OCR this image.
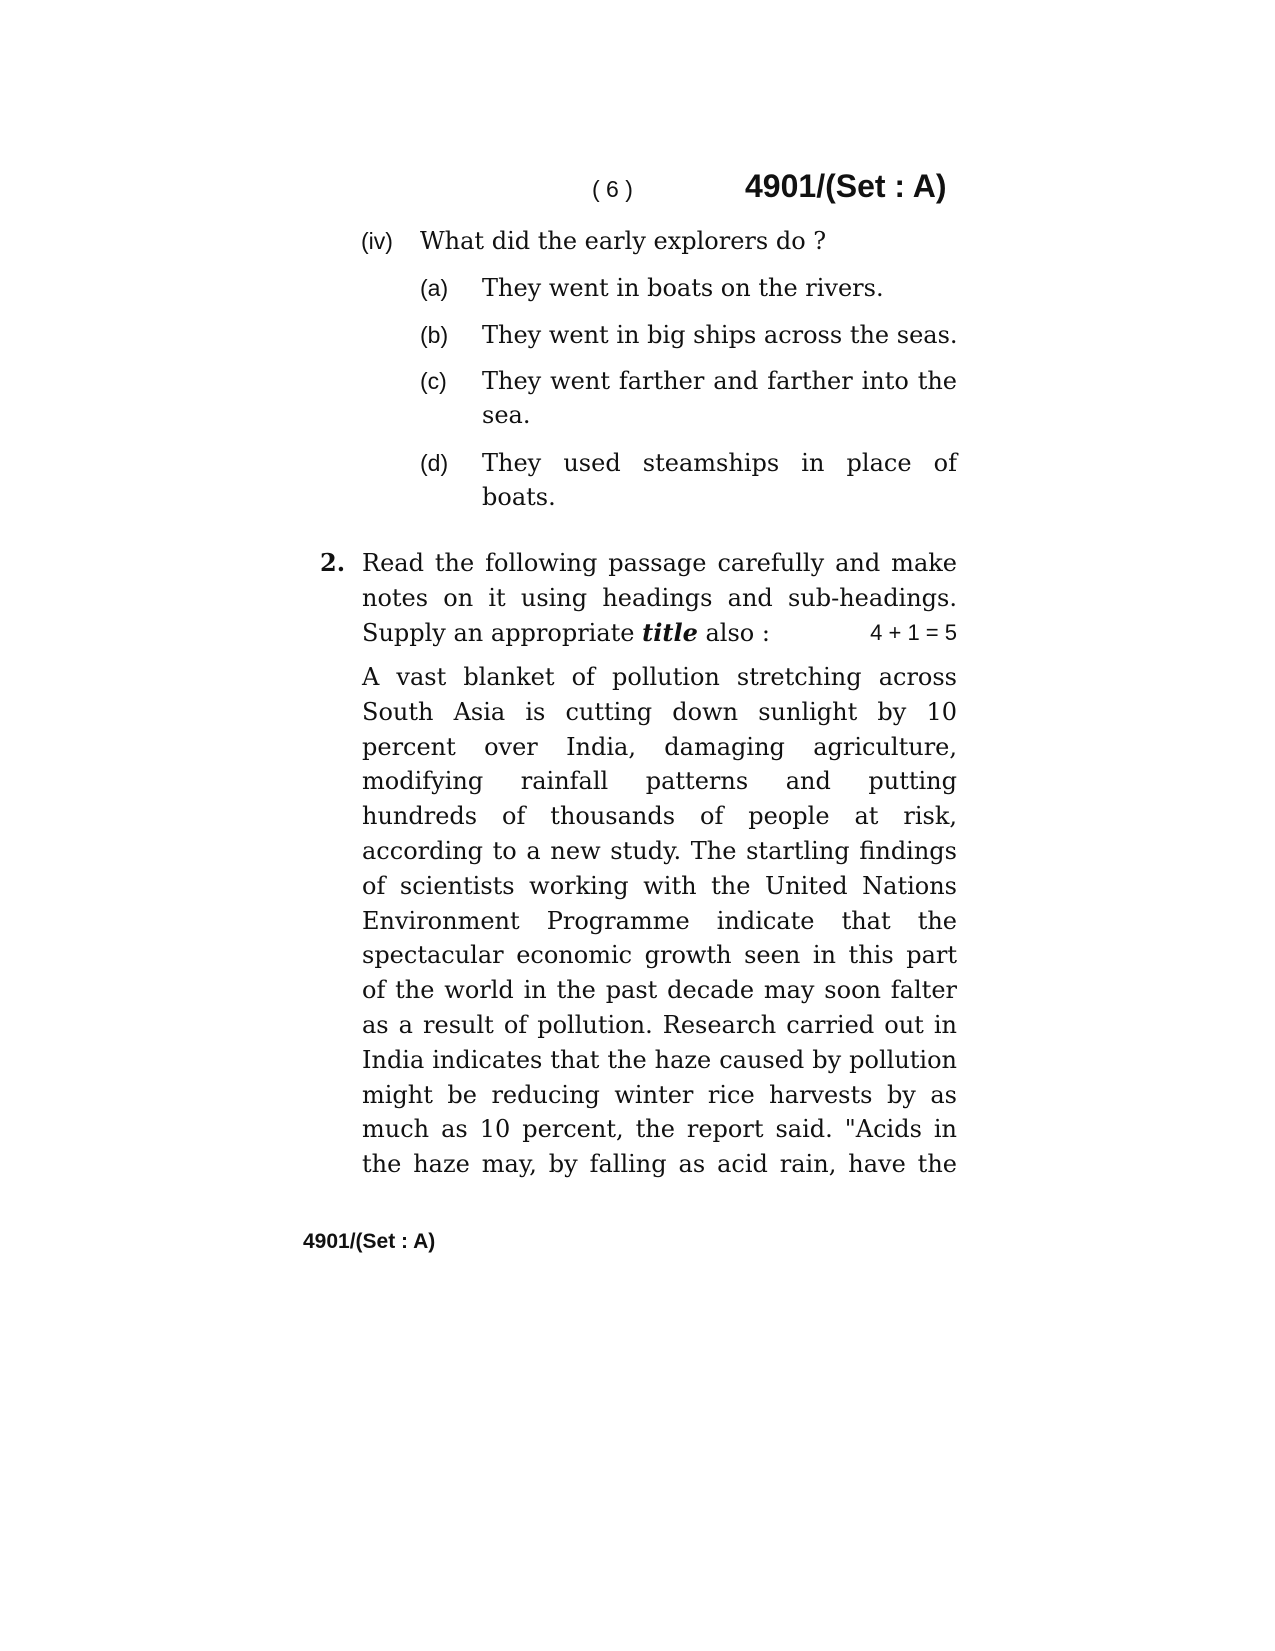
( 6 )	4901/(Set : A)
(iv) What did the early explorers do ?
(a) They went in boats on the rivers.
(b) They went in big ships across the seas.
(c) They went farther and farther into the sea.
(d) They used steamships in place of boats.
2. Read the following passage carefully and make
notes on it using headings and sub-headings.
Supply an appropriate title also :	4 + 1 = 5
A vast blanket of pollution stretching across South Asia is cutting down sunlight by 10 percent over India, damaging agriculture, modifying rainfall patterns and putting hundreds of thousands of people at risk, according to a new study. The startling findings of scientists working with the United Nations Environment Programme indicate that the spectacular economic growth seen in this part of the world in the past decade may soon falter as a result of pollution. Research carried out in India indicates that the haze caused by pollution might be reducing winter rice harvests by as much as 10 percent, the report said. "Acids in the haze may, by falling as acid rain, have the
4901/(Set : A)
